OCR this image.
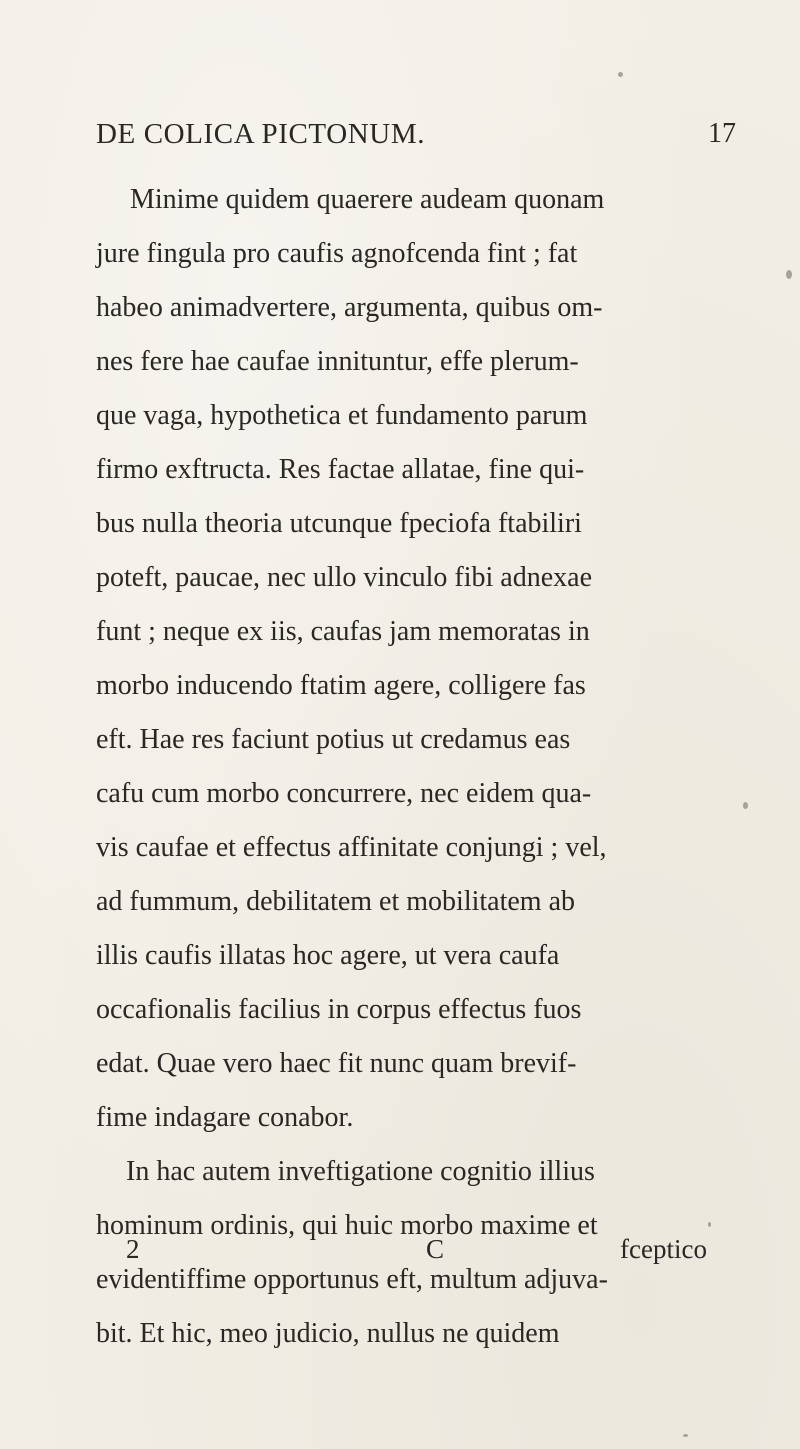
DE COLICA PICTONUM.	17
Minime quidem quaerere audeam quonam
jure fingula pro caufis agnofcenda fint ; fat
habeo animadvertere, argumenta, quibus om-
nes fere hae caufae innituntur, effe plerum-
que vaga, hypothetica et fundamento parum
firmo exftructa. Res factae allatae, fine qui-
bus nulla theoria utcunque fpeciofa ftabiliri
poteft, paucae, nec ullo vinculo fibi adnexae
funt ; neque ex iis, caufas jam memoratas in
morbo inducendo ftatim agere, colligere fas
eft. Hae res faciunt potius ut credamus eas
cafu cum morbo concurrere, nec eidem qua-
vis caufae et effectus affinitate conjungi ; vel,
ad fummum, debilitatem et mobilitatem ab
illis caufis illatas hoc agere, ut vera caufa
occafionalis facilius in corpus effectus fuos
edat. Quae vero haec fit nunc quam brevif-
fime indagare conabor.
In hac autem inveftigatione cognitio illius
hominum ordinis, qui huic morbo maxime et
evidentiffime opportunus eft, multum adjuva-
bit. Et hic, meo judicio, nullus ne quidem
2	C	fceptico
